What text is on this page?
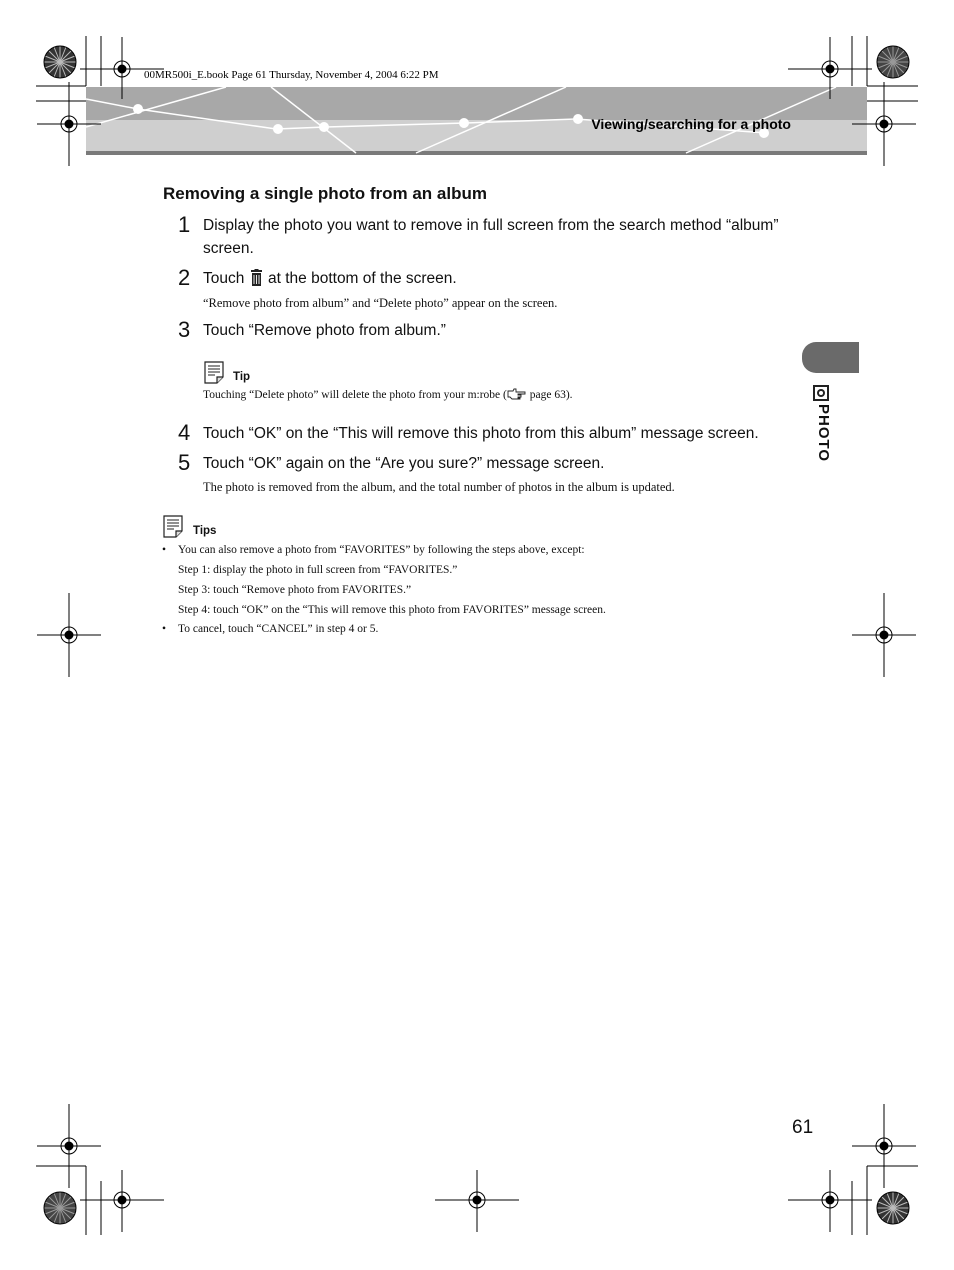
00MR500i_E.book Page 61 Thursday, November 4, 2004 6:22 PM
Viewing/searching for a photo
Removing a single photo from an album
1 Display the photo you want to remove in full screen from the search method “album”
screen.
2 Touch at the bottom of the screen.
“Remove photo from album” and “Delete photo” appear on the screen.
3 Touch “Remove photo from album.”
Tip
Touching “Delete photo” will delete the photo from your m:robe ( page 63).
4 Touch “OK” on the “This will remove this photo from this album” message screen.
5 Touch “OK” again on the “Are you sure?” message screen.
The photo is removed from the album, and the total number of photos in the album is updated.
Tips
• You can also remove a photo from “FAVORITES” by following the steps above, except:
Step 1: display the photo in full screen from “FAVORITES.”
Step 3: touch “Remove photo from FAVORITES.”
Step 4: touch “OK” on the “This will remove this photo from FAVORITES” message screen.
• To cancel, touch “CANCEL” in step 4 or 5.
PHOTO
61
